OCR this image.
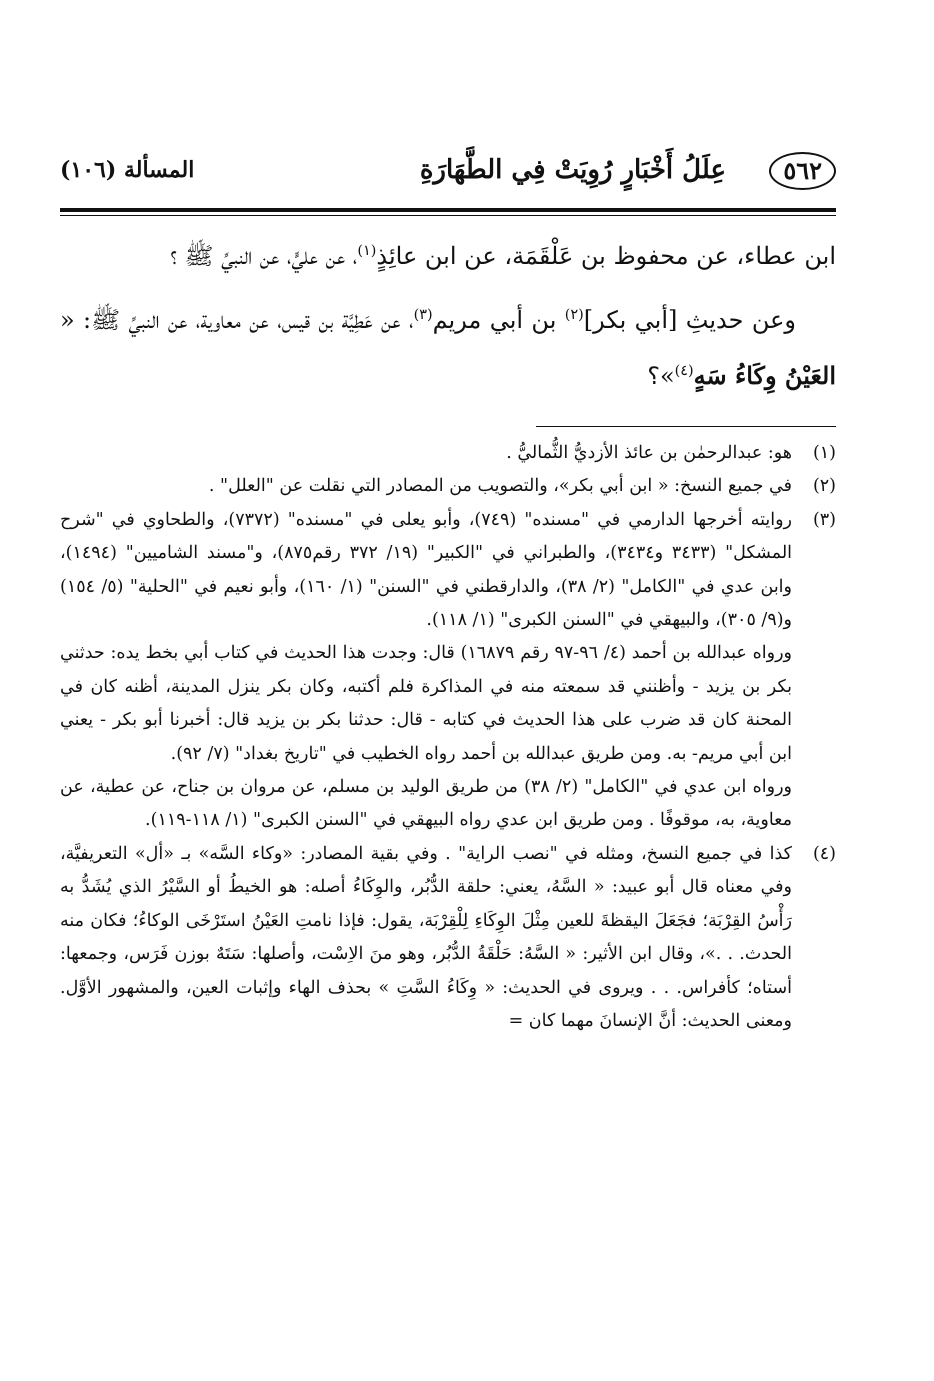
٥٦٢
عِلَلُ أَخْبَارٍ رُوِيَتْ فِي الطَّهَارَةِ
المسألة (١٠٦)

ابن عطاء، عن محفوظ بن عَلْقَمَة، عن ابن عائِذٍ$^{(١)}$، عن عليٍّ، عن النبيِّ ﷺ ؟

وعن حديثِ [أبي بكر]$^{(٢)}$ بن أبي مريم$^{(٣)}$، عن عَطِيَّة بن قيس، عن معاوية، عن النبيِّ ﷺ: « العَيْنُ وِكَاءُ سَهٍ$^{(٤)}$»؟

(١)

هو: عبدالرحمٰن بن عائذ الأزديُّ الثُّماليُّ .

(٢)

في جميع النسخ: « ابن أبي بكر»، والتصويب من المصادر التي نقلت عن "العلل" .

(٣)

روايته أخرجها الدارمي في "مسنده" (٧٤٩)، وأبو يعلى في "مسنده" (٧٣٧٢)، والطحاوي في "شرح المشكل" (٣٤٣٣ و٣٤٣٤)، والطبراني في "الكبير" (١٩/ ٣٧٢ رقم٨٧٥)، و"مسند الشاميين" (١٤٩٤)، وابن عدي في "الكامل" (٢/ ٣٨)، والدارقطني في "السنن" (١/ ١٦٠)، وأبو نعيم في "الحلية" (٥/ ١٥٤) و(٩/ ٣٠٥)، والبيهقي في "السنن الكبرى" (١/ ١١٨).

ورواه عبدالله بن أحمد (٤/ ٩٦-٩٧ رقم ١٦٨٧٩) قال: وجدت هذا الحديث في كتاب أبي بخط يده: حدثني بكر بن يزيد - وأظنني قد سمعته منه في المذاكرة فلم أكتبه، وكان بكر ينزل المدينة، أظنه كان في المحنة كان قد ضرب على هذا الحديث في كتابه - قال: حدثنا بكر بن يزيد قال: أخبرنا أبو بكر - يعني ابن أبي مريم- به. ومن طريق عبدالله بن أحمد رواه الخطيب في "تاريخ بغداد" (٧/ ٩٢).

ورواه ابن عدي في "الكامل" (٢/ ٣٨) من طريق الوليد بن مسلم، عن مروان بن جناح، عن عطية، عن معاوية، به، موقوفًا . ومن طريق ابن عدي رواه البيهقي في "السنن الكبرى" (١/ ١١٨-١١٩).

(٤)

كذا في جميع النسخ، ومثله في "نصب الراية" . وفي بقية المصادر: «وكاء السَّه» بـ «أل» التعريفيَّة، وفي معناه قال أبو عبيد: « السَّهُ، يعني: حلقة الدُّبُر، والوِكَاءُ أصله: هو الخيطُ أو السَّيْرُ الذي يُشَدُّ به رَأْسُ القِرْبَة؛ فجَعَلَ اليقظةَ للعين مِثْلَ الوِكَاءِ لِلْقِرْبَة، يقول: فإذا نامتِ العَيْنُ استَرْخَى الوكاءُ؛ فكان منه الحدث. . .»، وقال ابن الأثير: « السَّهُ: حَلْقَةُ الدُّبُر، وهو منَ الاِسْت، وأصلها: سَتَهٌ بوزن فَرَس، وجمعها: أستاه؛ كأفراس. . . ويروى في الحديث: « وِكَاءُ السَّتِ » بحذف الهاء وإثبات العين، والمشهور الأوَّل. ومعنى الحديث: أنَّ الإنسانَ مهما كان =
